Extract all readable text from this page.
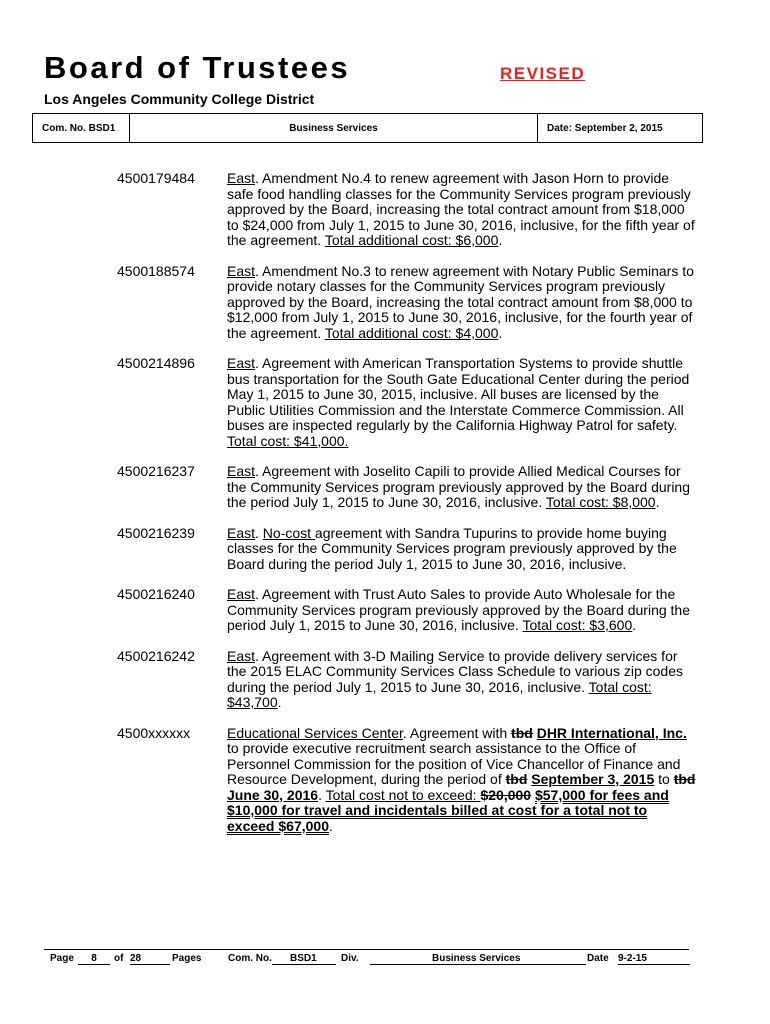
Board of Trustees	REVISED
Los Angeles Community College District
Com. No. BSD1	Business Services	Date: September 2, 2015
4500179484	East. Amendment No.4 to renew agreement with Jason Horn to provide safe food handling classes for the Community Services program previously approved by the Board, increasing the total contract amount from $18,000 to $24,000 from July 1, 2015 to June 30, 2016, inclusive, for the fifth year of the agreement. Total additional cost: $6,000.
4500188574	East. Amendment No.3 to renew agreement with Notary Public Seminars to provide notary classes for the Community Services program previously approved by the Board, increasing the total contract amount from $8,000 to $12,000 from July 1, 2015 to June 30, 2016, inclusive, for the fourth year of the agreement. Total additional cost: $4,000.
4500214896	East. Agreement with American Transportation Systems to provide shuttle bus transportation for the South Gate Educational Center during the period May 1, 2015 to June 30, 2015, inclusive. All buses are licensed by the Public Utilities Commission and the Interstate Commerce Commission. All buses are inspected regularly by the California Highway Patrol for safety. Total cost: $41,000.
4500216237	East. Agreement with Joselito Capili to provide Allied Medical Courses for the Community Services program previously approved by the Board during the period July 1, 2015 to June 30, 2016, inclusive. Total cost: $8,000.
4500216239	East. No-cost agreement with Sandra Tupurins to provide home buying classes for the Community Services program previously approved by the Board during the period July 1, 2015 to June 30, 2016, inclusive.
4500216240	East. Agreement with Trust Auto Sales to provide Auto Wholesale for the Community Services program previously approved by the Board during the period July 1, 2015 to June 30, 2016, inclusive. Total cost: $3,600.
4500216242	East. Agreement with 3-D Mailing Service to provide delivery services for the 2015 ELAC Community Services Class Schedule to various zip codes during the period July 1, 2015 to June 30, 2016, inclusive. Total cost: $43,700.
4500xxxxxx	Educational Services Center. Agreement with tbd DHR International, Inc. to provide executive recruitment search assistance to the Office of Personnel Commission for the position of Vice Chancellor of Finance and Resource Development, during the period of tbd September 3, 2015 to tbd June 30, 2016. Total cost not to exceed: $20,000 $57,000 for fees and $10,000 for travel and incidentals billed at cost for a total not to exceed $67,000.
Page	8	of 28	Pages	Com. No.	BSD1	Div.	Business Services	Date 9-2-15
